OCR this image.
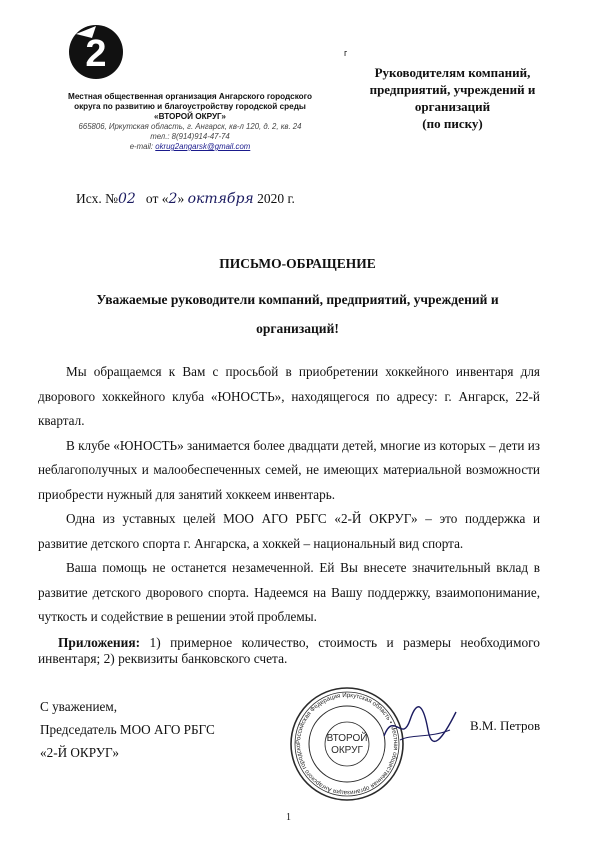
2
Местная общественная организация Ангарского городского
округа по развитию и благоустройству городской среды
«ВТОРОЙ ОКРУГ»
665806, Иркутская область, г. Ангарск, кв-л 120, д. 2, кв. 24
тел.: 8(914)914-47-74
e-mail: okrug2angarsk@gmail.com
г
Руководителям компаний,
предприятий, учреждений и
организаций
(по писку)
Исх. №02 от «2» октября 2020 г.
ПИСЬМО-ОБРАЩЕНИЕ
Уважаемые руководители компаний, предприятий, учреждений и организаций!

Мы обращаемся к Вам с просьбой в приобретении хоккейного инвентаря для дворового хоккейного клуба «ЮНОСТЬ», находящегося по адресу: г. Ангарск, 22-й квартал.

В клубе «ЮНОСТЬ» занимается более двадцати детей, многие из которых – дети из неблагополучных и малообеспеченных семей, не имеющих материальной возможности приобрести нужный для занятий хоккеем инвентарь.

Одна из уставных целей МОО АГО РБГС «2-Й ОКРУГ» – это поддержка и развитие детского спорта г. Ангарска, а хоккей – национальный вид спорта.

Ваша помощь не останется незамеченной. Ей Вы внесете значительный вклад в развитие детского дворового спорта. Надеемся на Вашу поддержку, взаимопонимание, чуткость и содействие в решении этой проблемы.

Приложения: 1) примерное количество, стоимость и размеры необходимого инвентаря; 2) реквизиты банковского счета.

С уважением,
Председатель МОО АГО РБГС
«2-Й ОКРУГ»
Российская Федерация Иркутская область • Местная общественная организация Ангарского городско
ВТОРОЙ
ОКРУГ
В.М. Петров
1
